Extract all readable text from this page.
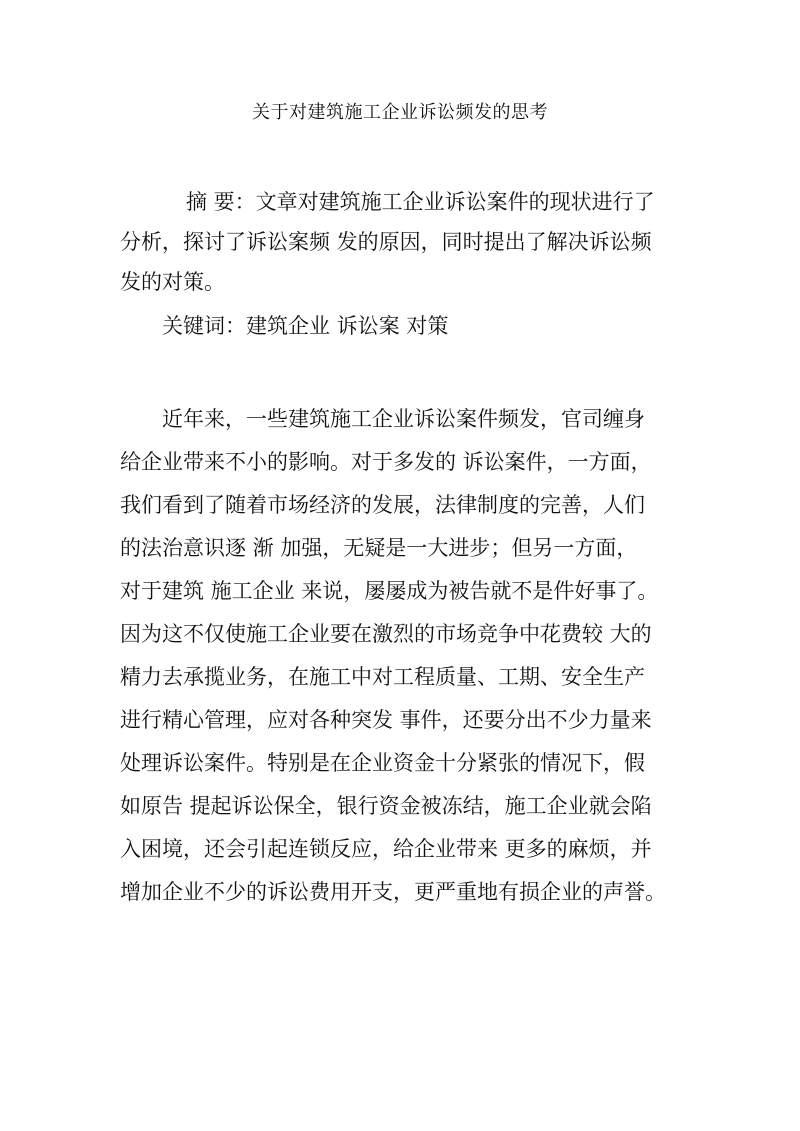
关于对建筑施工企业诉讼频发的思考
摘 要：文章对建筑施工企业诉讼案件的现状进行了
分析，探讨了诉讼案频 发的原因，同时提出了解决诉讼频
发的对策。
关键词：建筑企业 诉讼案 对策
近年来，一些建筑施工企业诉讼案件频发，官司缠身
给企业带来不小的影响。对于多发的 诉讼案件，一方面，
我们看到了随着市场经济的发展，法律制度的完善，人们
的法治意识逐 渐 加强，无疑是一大进步；但另一方面，
对于建筑 施工企业 来说，屡屡成为被告就不是件好事了。
因为这不仅使施工企业要在激烈的市场竞争中花费较 大的
精力去承揽业务，在施工中对工程质量、工期、安全生产
进行精心管理，应对各种突发 事件，还要分出不少力量来
处理诉讼案件。特别是在企业资金十分紧张的情况下，假
如原告 提起诉讼保全，银行资金被冻结，施工企业就会陷
入困境，还会引起连锁反应，给企业带来 更多的麻烦，并
增加企业不少的诉讼费用开支，更严重地有损企业的声誉。
